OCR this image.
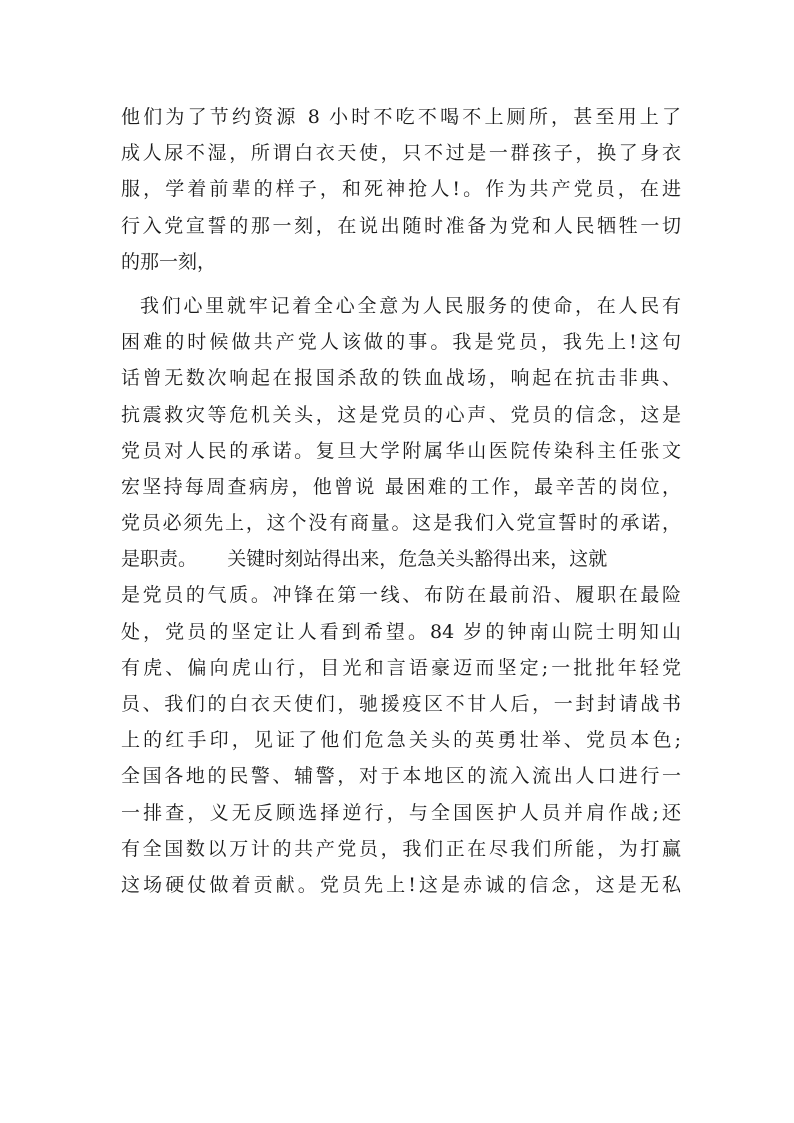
他们为了节约资源 8 小时不吃不喝不上厕所，甚至用上了
成人尿不湿，所谓白衣天使，只不过是一群孩子，换了身衣
服，学着前辈的样子，和死神抢人!。作为共产党员，在进
行入党宣誓的那一刻，在说出随时准备为党和人民牺牲一切
的那一刻，
我们心里就牢记着全心全意为人民服务的使命，在人民有
困难的时候做共产党人该做的事。我是党员，我先上!这句
话曾无数次响起在报国杀敌的铁血战场，响起在抗击非典、
抗震救灾等危机关头，这是党员的心声、党员的信念，这是
党员对人民的承诺。复旦大学附属华山医院传染科主任张文
宏坚持每周查病房，他曾说 最困难的工作，最辛苦的岗位，
党员必须先上，这个没有商量。这是我们入党宣誓时的承诺，
是职责。     关键时刻站得出来，危急关头豁得出来，这就
是党员的气质。冲锋在第一线、布防在最前沿、履职在最险
处，党员的坚定让人看到希望。84 岁的钟南山院士明知山
有虎、偏向虎山行，目光和言语豪迈而坚定;一批批年轻党
员、我们的白衣天使们，驰援疫区不甘人后，一封封请战书
上的红手印，见证了他们危急关头的英勇壮举、党员本色;
全国各地的民警、辅警，对于本地区的流入流出人口进行一
一排查，义无反顾选择逆行，与全国医护人员并肩作战;还
有全国数以万计的共产党员，我们正在尽我们所能，为打赢
这场硬仗做着贡献。党员先上!这是赤诚的信念，这是无私
